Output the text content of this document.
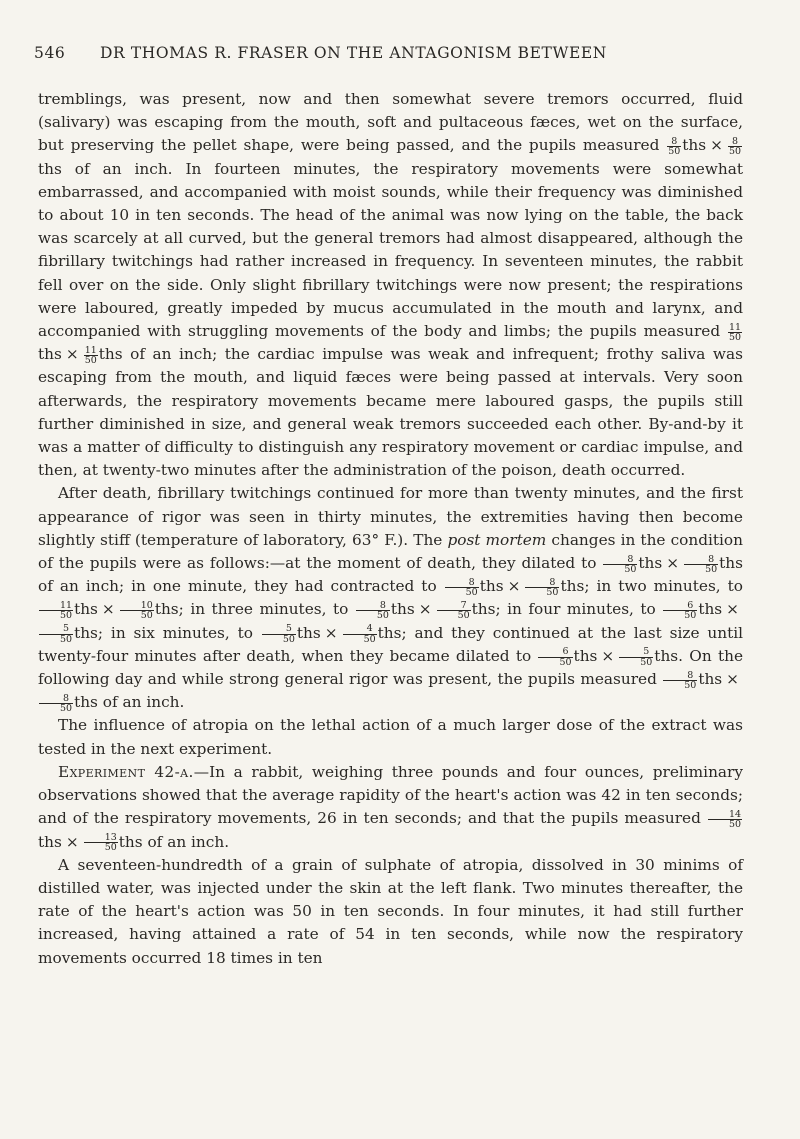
546 DR THOMAS R. FRASER ON THE ANTAGONISM BETWEEN

tremblings, was present, now and then somewhat severe tremors occurred, fluid (salivary) was escaping from the mouth, soft and pultaceous fæces, wet on the surface, but preserving the pellet shape, were being passed, and the pupils measured $\frac{8}{50}$ ths × $\frac{8}{50}$
ths of an inch. In fourteen minutes, the respiratory movements were somewhat embarrassed, and accompanied with moist sounds, while their frequency was diminished to about 10 in ten seconds. The head of the animal was now lying on the table, the back was scarcely at all curved, but the general tremors had almost disappeared, although the fibrillary twitchings had rather increased in frequency. In seventeen minutes, the rabbit fell over on the side. Only slight fibrillary twitchings were now present; the respirations were laboured, greatly impeded by mucus accumulated in the mouth and larynx, and accompanied with struggling movements of the body and limbs; the pupils measured $\frac{11}{50}$
ths × $\frac{11}{50}$ ths of an inch; the cardiac impulse was weak and infrequent; frothy saliva was escaping from the mouth, and liquid fæces were being passed at intervals. Very soon afterwards, the respiratory movements became mere laboured gasps, the pupils still further diminished in size, and general weak tremors succeeded each other. By-and-by it was a matter of difficulty to distinguish any respiratory movement or cardiac impulse, and then, at twenty-two minutes after the administration of the poison, death occurred.

After death, fibrillary twitchings continued for more than twenty minutes, and the first appearance of rigor was seen in thirty minutes, the extremities having then become slightly stiff (temperature of laboratory, 63° F.). The post mortem changes in the condition of the pupils were as follows:—at the moment of death, they dilated to $\frac{8}{50}$ ths × $\frac{8}{50}$ ths of an inch; in one minute, they had contracted to $\frac{8}{50}$ ths × $\frac{8}{50}$ ths; in two minutes, to
$\frac{11}{50}$ ths × $\frac{10}{50}$ ths; in three minutes, to $\frac{8}{50}$ ths × $\frac{7}{50}$ ths; in four minutes, to $\frac{6}{50}$ ths ×
$\frac{5}{50}$ ths; in six minutes, to $\frac{5}{50}$ ths × $\frac{4}{50}$ ths; and they continued at the last size until twenty-four minutes after death, when they became dilated to $\frac{6}{50}$ ths × $\frac{5}{50}$ ths. On the following day and while strong general rigor was present, the pupils measured $\frac{8}{50}$ ths ×
$\frac{8}{50}$ ths of an inch.

The influence of atropia on the lethal action of a much larger dose of the extract was tested in the next experiment.

Experiment 42-a.—In a rabbit, weighing three pounds and four ounces, preliminary observations showed that the average rapidity of the heart's action was 42 in ten seconds; and of the respiratory movements, 26 in ten seconds; and that the pupils measured $\frac{14}{50}$
ths × $\frac{13}{50}$ ths of an inch.

A seventeen-hundredth of a grain of sulphate of atropia, dissolved in 30 minims of distilled water, was injected under the skin at the left flank. Two minutes thereafter, the rate of the heart's action was 50 in ten seconds. In four minutes, it had still further increased, having attained a rate of 54 in ten seconds, while now the respiratory movements occurred 18 times in ten
